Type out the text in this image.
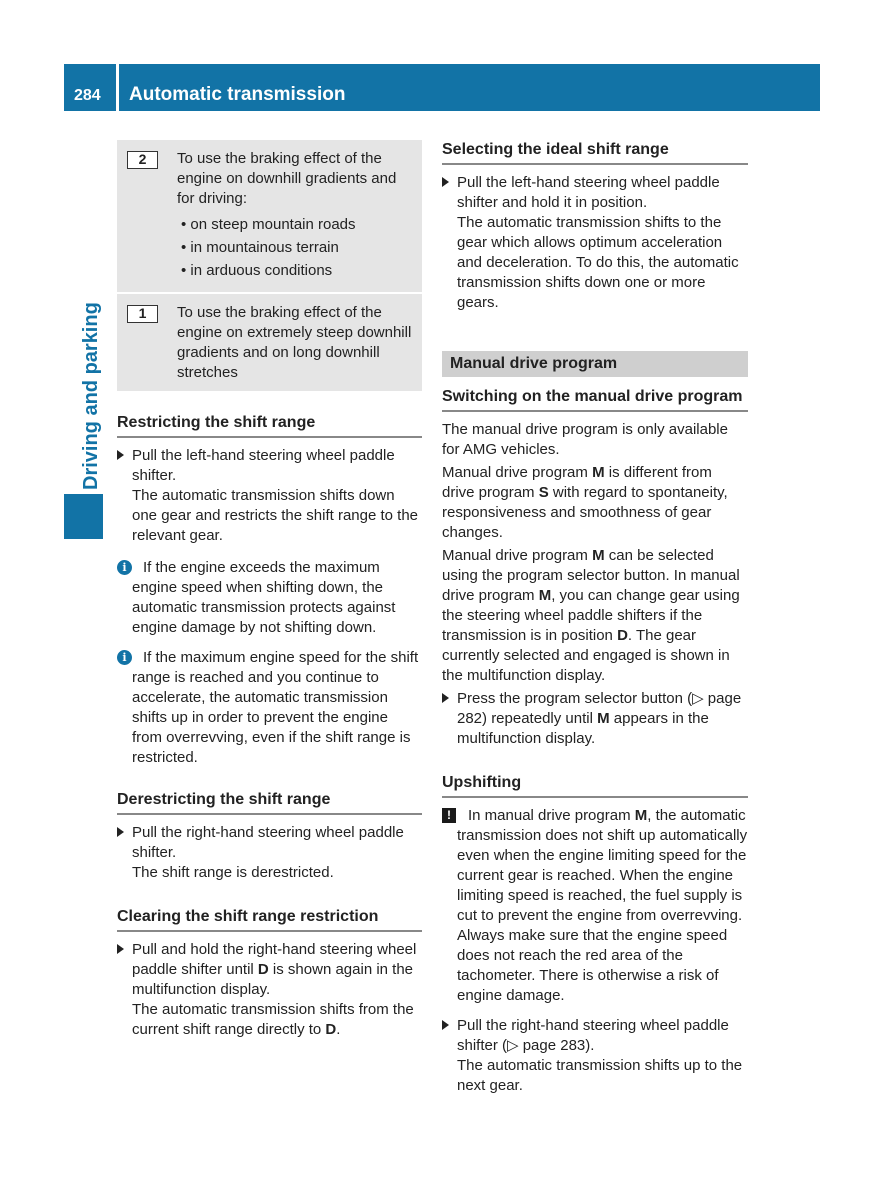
284 Automatic transmission
Driving and parking
2	To use the braking effect of the engine on downhill gradients and for driving:
• on steep mountain roads
• in mountainous terrain
• in arduous conditions
1	To use the braking effect of the engine on extremely steep downhill gradients and on long downhill stretches
Restricting the shift range
Pull the left-hand steering wheel paddle shifter.
The automatic transmission shifts down one gear and restricts the shift range to the relevant gear.
i	If the engine exceeds the maximum engine speed when shifting down, the automatic transmission protects against engine damage by not shifting down.
i	If the maximum engine speed for the shift range is reached and you continue to accelerate, the automatic transmission shifts up in order to prevent the engine from overrevving, even if the shift range is restricted.
Derestricting the shift range
Pull the right-hand steering wheel paddle shifter.
The shift range is derestricted.
Clearing the shift range restriction
Pull and hold the right-hand steering wheel paddle shifter until D is shown again in the multifunction display.
The automatic transmission shifts from the current shift range directly to D.
Selecting the ideal shift range
Pull the left-hand steering wheel paddle shifter and hold it in position.
The automatic transmission shifts to the gear which allows optimum acceleration and deceleration. To do this, the automatic transmission shifts down one or more gears.
Manual drive program
Switching on the manual drive program
The manual drive program is only available for AMG vehicles.
Manual drive program M is different from drive program S with regard to spontaneity, responsiveness and smoothness of gear changes.
Manual drive program M can be selected using the program selector button. In manual drive program M, you can change gear using the steering wheel paddle shifters if the transmission is in position D. The gear currently selected and engaged is shown in the multifunction display.
Press the program selector button (▷ page 282) repeatedly until M appears in the multifunction display.
Upshifting
!	In manual drive program M, the automatic transmission does not shift up automatically even when the engine limiting speed for the current gear is reached. When the engine limiting speed is reached, the fuel supply is cut to prevent the engine from overrevving. Always make sure that the engine speed does not reach the red area of the tachometer. There is otherwise a risk of engine damage.
Pull the right-hand steering wheel paddle shifter (▷ page 283).
The automatic transmission shifts up to the next gear.
